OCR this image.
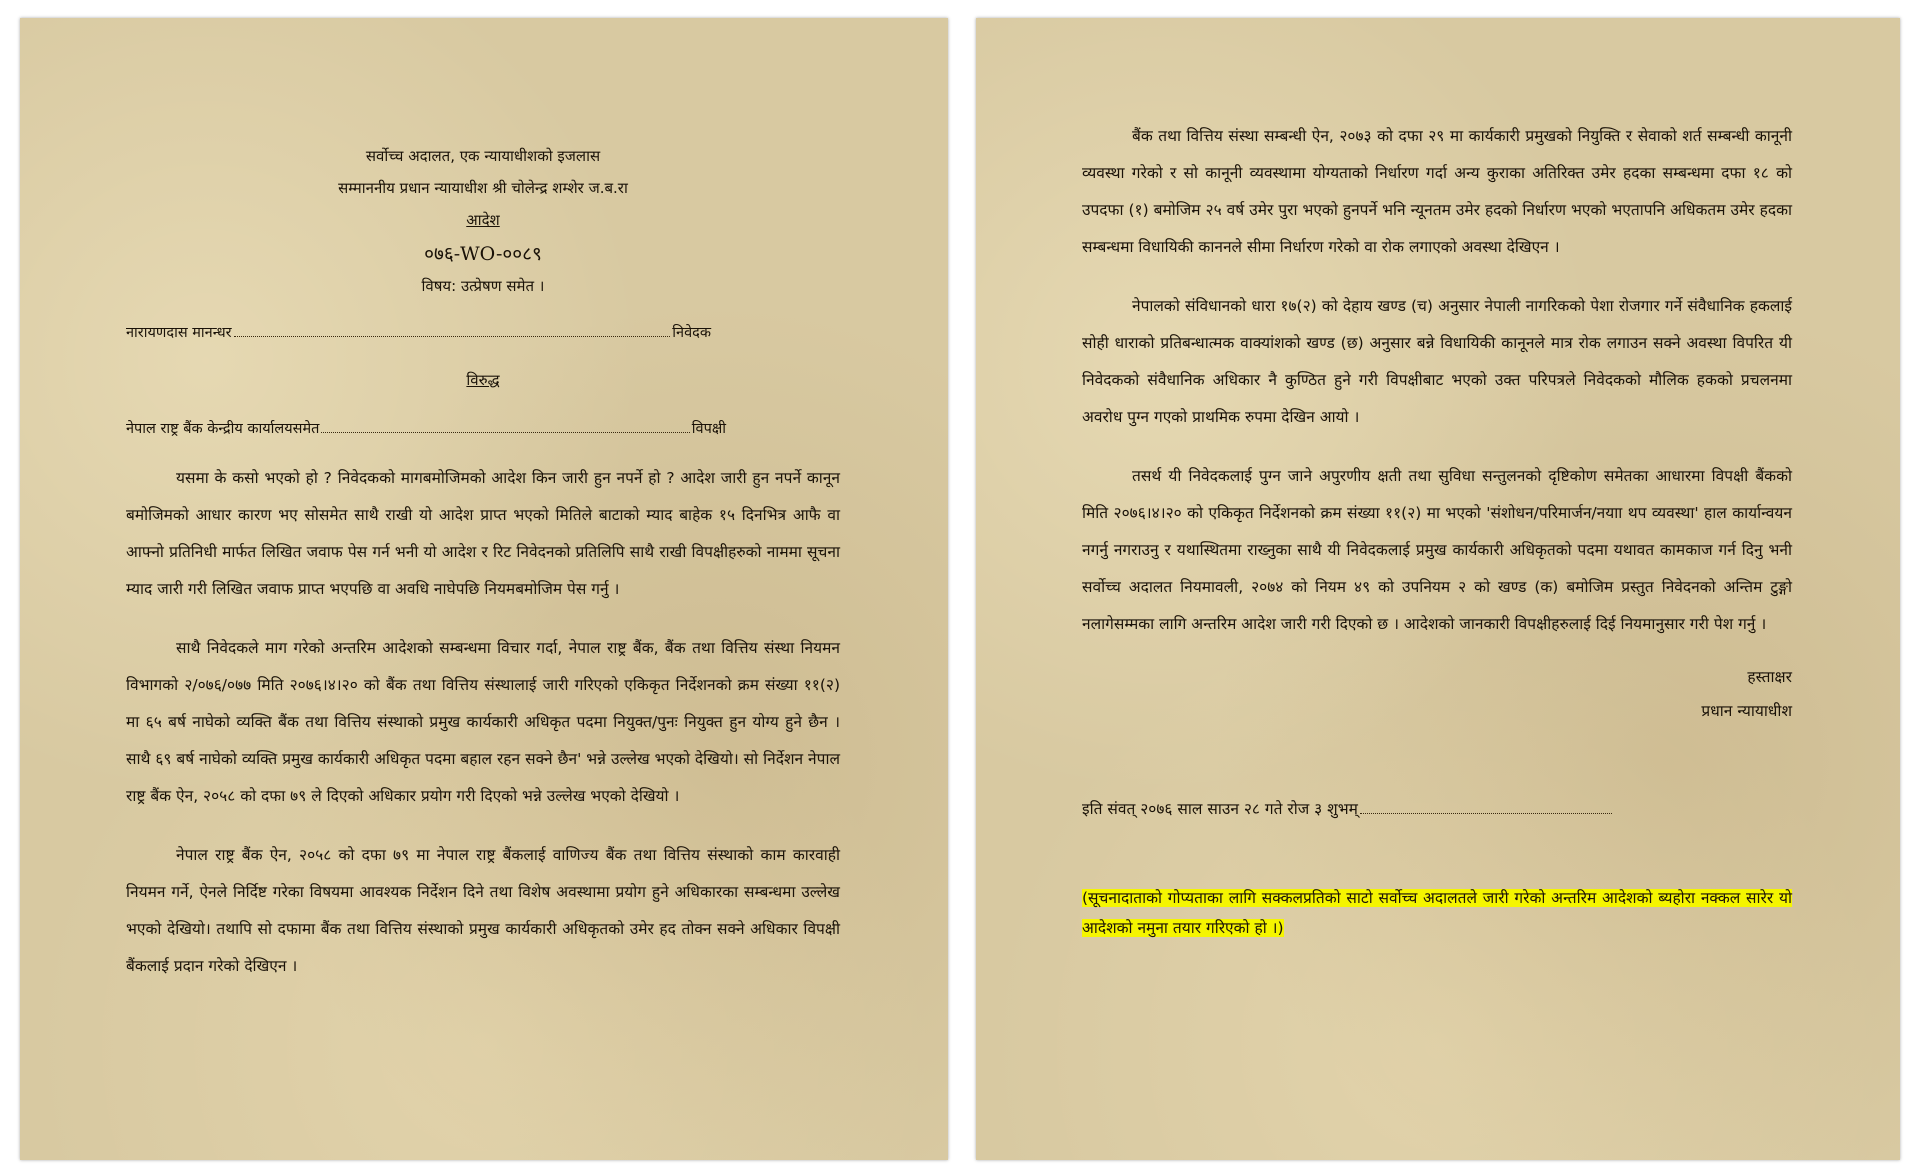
सर्वोच्च अदालत, एक न्यायाधीशको इजलास
सम्माननीय प्रधान न्यायाधीश श्री चोलेन्द्र शम्शेर ज.ब.रा
आदेश
०७६-WO-००८९
विषय: उत्प्रेषण समेत ।
नारायणदास मानन्धर	निवेदक
विरुद्ध
नेपाल राष्ट्र बैंक केन्द्रीय कार्यालयसमेत	विपक्षी

यसमा के कसो भएको हो ? निवेदकको मागबमोजिमको आदेश किन जारी हुन नपर्ने हो ? आदेश जारी हुन नपर्ने कानून बमोजिमको आधार कारण भए सोसमेत साथै राखी यो आदेश प्राप्त भएको मितिले बाटाको म्याद बाहेक १५ दिनभित्र आफै वा आफ्नो प्रतिनिधी मार्फत लिखित जवाफ पेस गर्न भनी यो आदेश र रिट निवेदनको प्रतिलिपि साथै राखी विपक्षीहरुको नाममा सूचना म्याद जारी गरी लिखित जवाफ प्राप्त भएपछि वा अवधि नाघेपछि नियमबमोजिम पेस गर्नु ।

साथै निवेदकले माग गरेको अन्तरिम आदेशको सम्बन्धमा विचार गर्दा, नेपाल राष्ट्र बैंक, बैंक तथा वित्तिय संस्था नियमन विभागको २/०७६/०७७ मिति २०७६।४।२० को बैंक तथा वित्तिय संस्थालाई जारी गरिएको एकिकृत निर्देशनको क्रम संख्या ११(२) मा ६५ बर्ष नाघेको व्यक्ति बैंक तथा वित्तिय संस्थाको प्रमुख कार्यकारी अधिकृत पदमा नियुक्त/पुनः नियुक्त हुन योग्य हुने छैन । साथै ६९ बर्ष नाघेको व्यक्ति प्रमुख कार्यकारी अधिकृत पदमा बहाल रहन सक्ने छैन' भन्ने उल्लेख भएको देखियो। सो निर्देशन नेपाल राष्ट्र बैंक ऐन, २०५८ को दफा ७९ ले दिएको अधिकार प्रयोग गरी दिएको भन्ने उल्लेख भएको देखियो ।

नेपाल राष्ट्र बैंक ऐन, २०५८ को दफा ७९ मा नेपाल राष्ट्र बैंकलाई वाणिज्य बैंक तथा वित्तिय संस्थाको काम कारवाही नियमन गर्ने, ऐनले निर्दिष्ट गरेका विषयमा आवश्यक निर्देशन दिने तथा विशेष अवस्थामा प्रयोग हुने अधिकारका सम्बन्धमा उल्लेख भएको देखियो। तथापि सो दफामा बैंक तथा वित्तिय संस्थाको प्रमुख कार्यकारी अधिकृतको उमेर हद तोक्न सक्ने अधिकार विपक्षी बैंकलाई प्रदान गरेको देखिएन ।

बैंक तथा वित्तिय संस्था सम्बन्धी ऐन, २०७३ को दफा २९ मा कार्यकारी प्रमुखको नियुक्ति र सेवाको शर्त सम्बन्धी कानूनी व्यवस्था गरेको र सो कानूनी व्यवस्थामा योग्यताको निर्धारण गर्दा अन्य कुराका अतिरिक्त उमेर हदका सम्बन्धमा दफा १८ को उपदफा (१) बमोजिम २५ वर्ष उमेर पुरा भएको हुनपर्ने भनि न्यूनतम उमेर हदको निर्धारण भएको भएतापनि अधिकतम उमेर हदका सम्बन्धमा विधायिकी काननले सीमा निर्धारण गरेको वा रोक लगाएको अवस्था देखिएन ।

नेपालको संविधानको धारा १७(२) को देहाय खण्ड (च) अनुसार नेपाली नागरिकको पेशा रोजगार गर्ने संवैधानिक हकलाई सोही धाराको प्रतिबन्धात्मक वाक्यांशको खण्ड (छ) अनुसार बन्ने विधायिकी कानूनले मात्र रोक लगाउन सक्ने अवस्था विपरित यी निवेदकको संवैधानिक अधिकार नै कुण्ठित हुने गरी विपक्षीबाट भएको उक्त परिपत्रले निवेदकको मौलिक हकको प्रचलनमा अवरोध पुग्न गएको प्राथमिक रुपमा देखिन आयो ।

तसर्थ यी निवेदकलाई पुग्न जाने अपुरणीय क्षती तथा सुविधा सन्तुलनको दृष्टिकोण समेतका आधारमा विपक्षी बैंकको मिति २०७६।४।२० को एकिकृत निर्देशनको क्रम संख्या ११(२) मा भएको 'संशोधन/परिमार्जन/नयाा थप व्यवस्था' हाल कार्यान्वयन नगर्नु नगराउनु र यथास्थितमा राख्नुका साथै यी निवेदकलाई प्रमुख कार्यकारी अधिकृतको पदमा यथावत कामकाज गर्न दिनु भनी सर्वोच्च अदालत नियमावली, २०७४ को नियम ४९ को उपनियम २ को खण्ड (क) बमोजिम प्रस्तुत निवेदनको अन्तिम टुङ्गो नलागेसम्मका लागि अन्तरिम आदेश जारी गरी दिएको छ । आदेशको जानकारी विपक्षीहरुलाई दिई नियमानुसार गरी पेश गर्नु ।

हस्ताक्षर
प्रधान न्यायाधीश
इति संवत् २०७६ साल साउन २८ गते रोज ३ शुभम्
(सूचनादाताको गोप्यताका लागि सक्कलप्रतिको साटो सर्वोच्च अदालतले जारी गरेको अन्तरिम आदेशको ब्यहोरा नक्कल सारेर यो आदेशको नमुना तयार गरिएको हो ।)
